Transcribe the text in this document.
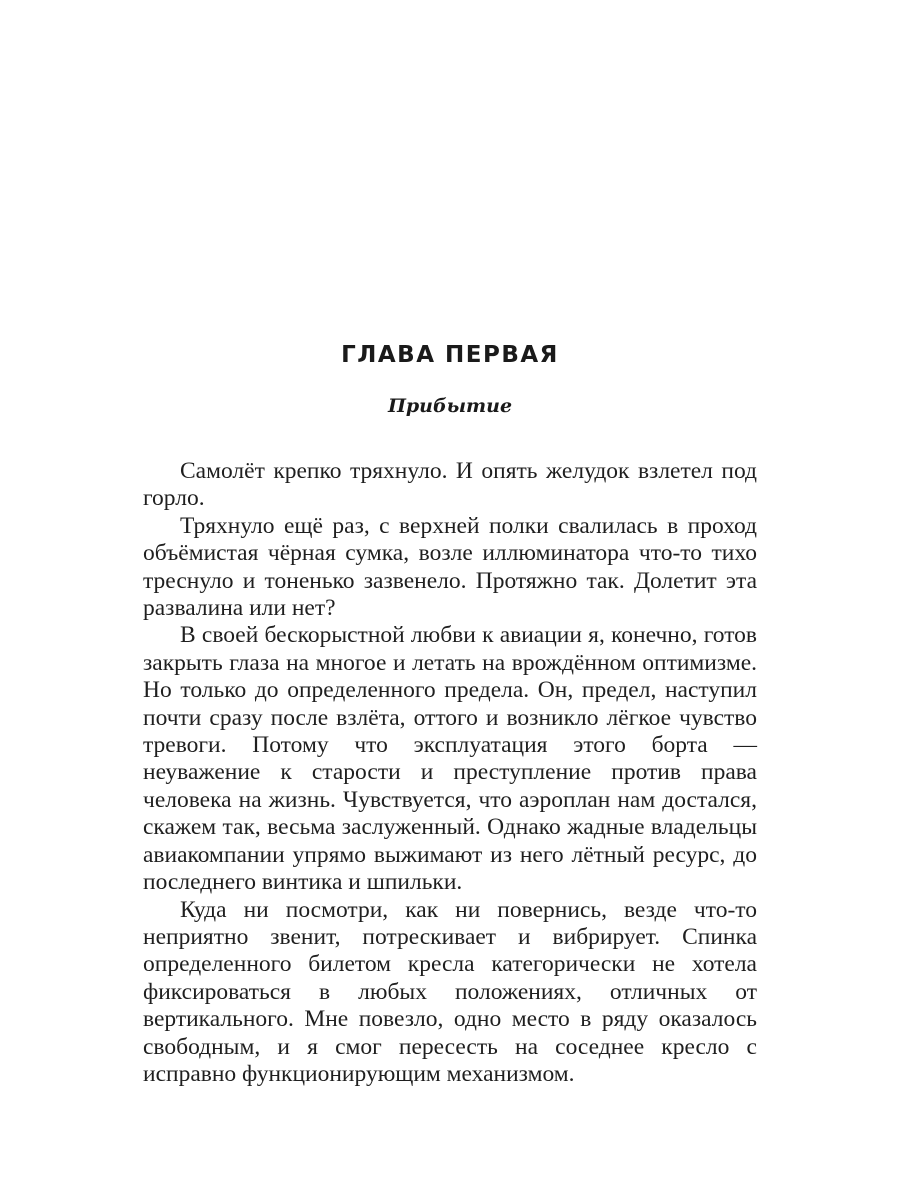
ГЛАВА ПЕРВАЯ
Прибытие

Самолёт крепко тряхнуло. И опять желудок взлетел под горло.

Тряхнуло ещё раз, с верхней полки свалилась в проход объёмистая чёрная сумка, возле иллюминатора что-то тихо треснуло и тоненько зазвенело. Протяжно так. Долетит эта развалина или нет?

В своей бескорыстной любви к авиации я, конечно, готов закрыть глаза на многое и летать на врождённом оптимизме. Но только до определенного предела. Он, предел, наступил почти сразу после взлёта, оттого и возникло лёгкое чувство тревоги. Потому что эксплуатация этого борта — неуважение к старости и преступление против права человека на жизнь. Чувствуется, что аэроплан нам достался, скажем так, весьма заслуженный. Однако жадные владельцы авиакомпании упрямо выжимают из него лётный ресурс, до последнего винтика и шпильки.

Куда ни посмотри, как ни повернись, везде что-то неприятно звенит, потрескивает и вибрирует. Спинка определенного билетом кресла категорически не хотела фиксироваться в любых положениях, отличных от вертикального. Мне повезло, одно место в ряду оказалось свободным, и я смог пересесть на соседнее кресло с исправно функционирующим механизмом.
